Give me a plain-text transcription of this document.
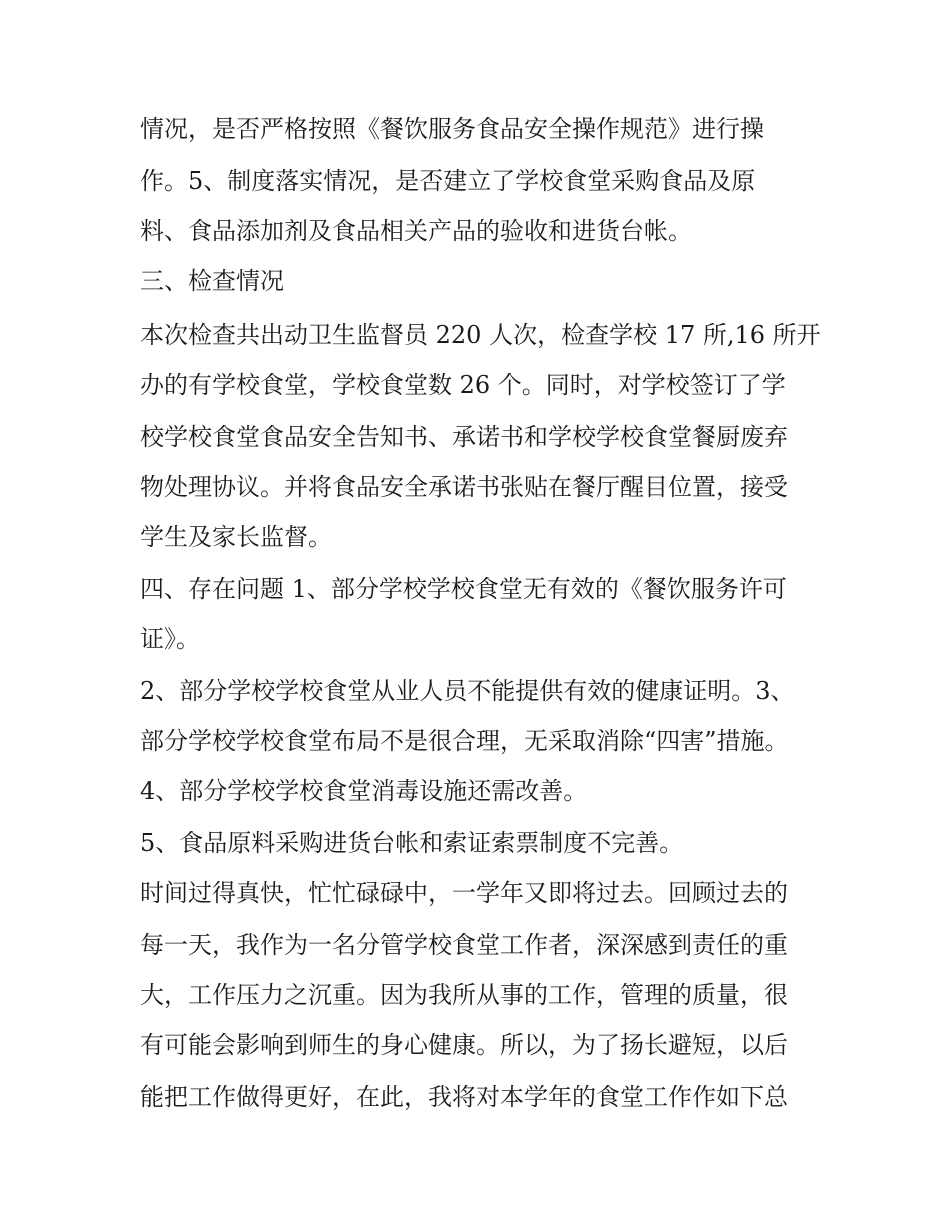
情况，是否严格按照《餐饮服务食品安全操作规范》进行操
作。5、制度落实情况，是否建立了学校食堂采购食品及原
料、食品添加剂及食品相关产品的验收和进货台帐。
三、检查情况
本次检查共出动卫生监督员 220 人次，检查学校 17 所,16 所开
办的有学校食堂，学校食堂数 26 个。同时，对学校签订了学
校学校食堂食品安全告知书、承诺书和学校学校食堂餐厨废弃
物处理协议。并将食品安全承诺书张贴在餐厅醒目位置，接受
学生及家长监督。
四、存在问题 1、部分学校学校食堂无有效的《餐饮服务许可
证》。
2、部分学校学校食堂从业人员不能提供有效的健康证明。3、
部分学校学校食堂布局不是很合理，无采取消除“四害”措施。
4、部分学校学校食堂消毒设施还需改善。
5、食品原料采购进货台帐和索证索票制度不完善。
时间过得真快，忙忙碌碌中，一学年又即将过去。回顾过去的
每一天，我作为一名分管学校食堂工作者，深深感到责任的重
大，工作压力之沉重。因为我所从事的工作，管理的质量，很
有可能会影响到师生的身心健康。所以，为了扬长避短，以后
能把工作做得更好，在此，我将对本学年的食堂工作作如下总
